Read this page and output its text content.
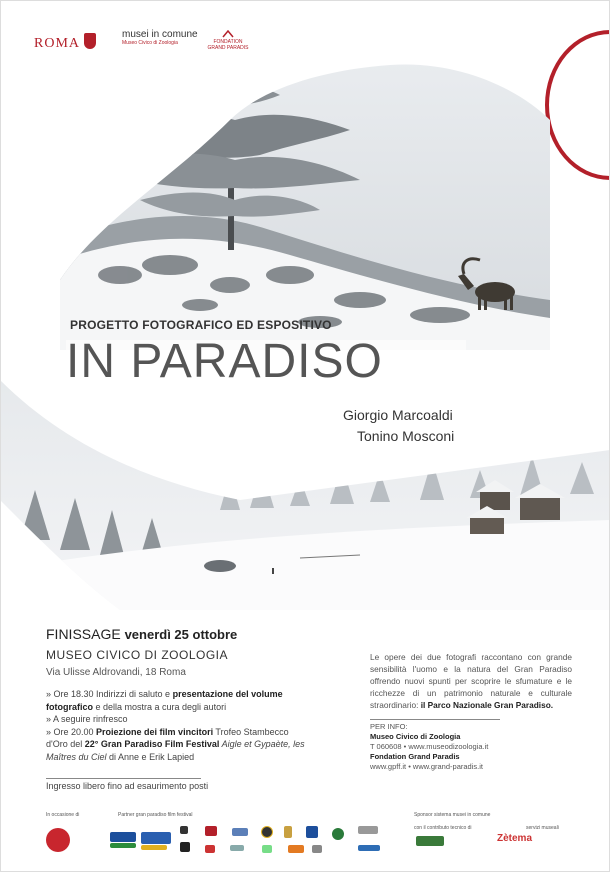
ROMA
musei in comune
Museo Civico di Zoologia	FONDATION GRAND PARADIS
PROGETTO FOTOGRAFICO ED ESPOSITIVO
IN PARADISO
Giorgio Marcoaldi
Tonino Mosconi
FINISSAGE venerdì 25 ottobre
MUSEO CIVICO DI ZOOLOGIA
Via Ulisse Aldrovandi, 18 Roma
» Ore 18.30 Indirizzi di saluto e presentazione del volume
fotografico e della mostra a cura degli autori
» A seguire rinfresco
» Ore 20.00 Proiezione dei film vincitori Trofeo Stambecco
d'Oro del 22° Gran Paradiso Film Festival Aigle et Gypaète, les
Maîtres du Ciel di Anne e Erik Lapied
Ingresso libero fino ad esaurimento posti
Le opere dei due fotografi raccontano con grande sensibilità l'uomo e la natura del Gran Paradiso offrendo nuovi spunti per scoprire le sfumature e le ricchezze di un patrimonio naturale e culturale straordinario: il Parco Nazionale Gran Paradiso.
PER INFO:
Museo Civico di Zoologia
T 060608 • www.museodizoologia.it
Fondation Grand Paradis
www.gpff.it • www.grand-paradis.it
In occasione di	Partner gran paradiso film festival	Sponsor sistema musei in comune
con il contributo tecnico di	servizi museali
Zètema
